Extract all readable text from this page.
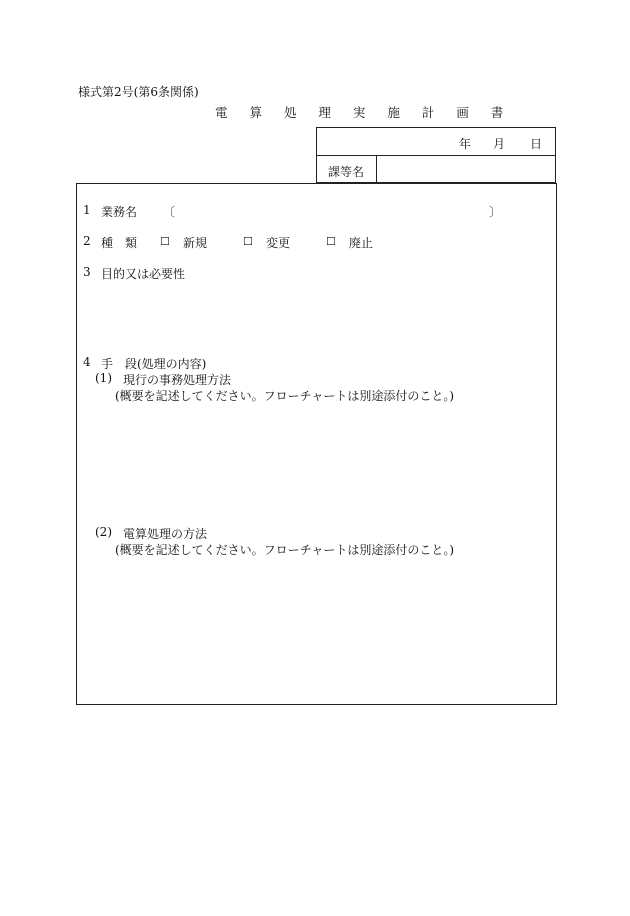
様式第2号(第6条関係)
電 算 処 理 実 施 計 画 書
年 月 日
課等名
1 業務名 〔	〕
2 種　類 ☐ 新規	☐ 変更	☐ 廃止
3 目的又は必要性
4 手　段(処理の内容)
(1) 現行の事務処理方法
(概要を記述してください。フローチャートは別途添付のこと。)
(2) 電算処理の方法
(概要を記述してください。フローチャートは別途添付のこと。)
